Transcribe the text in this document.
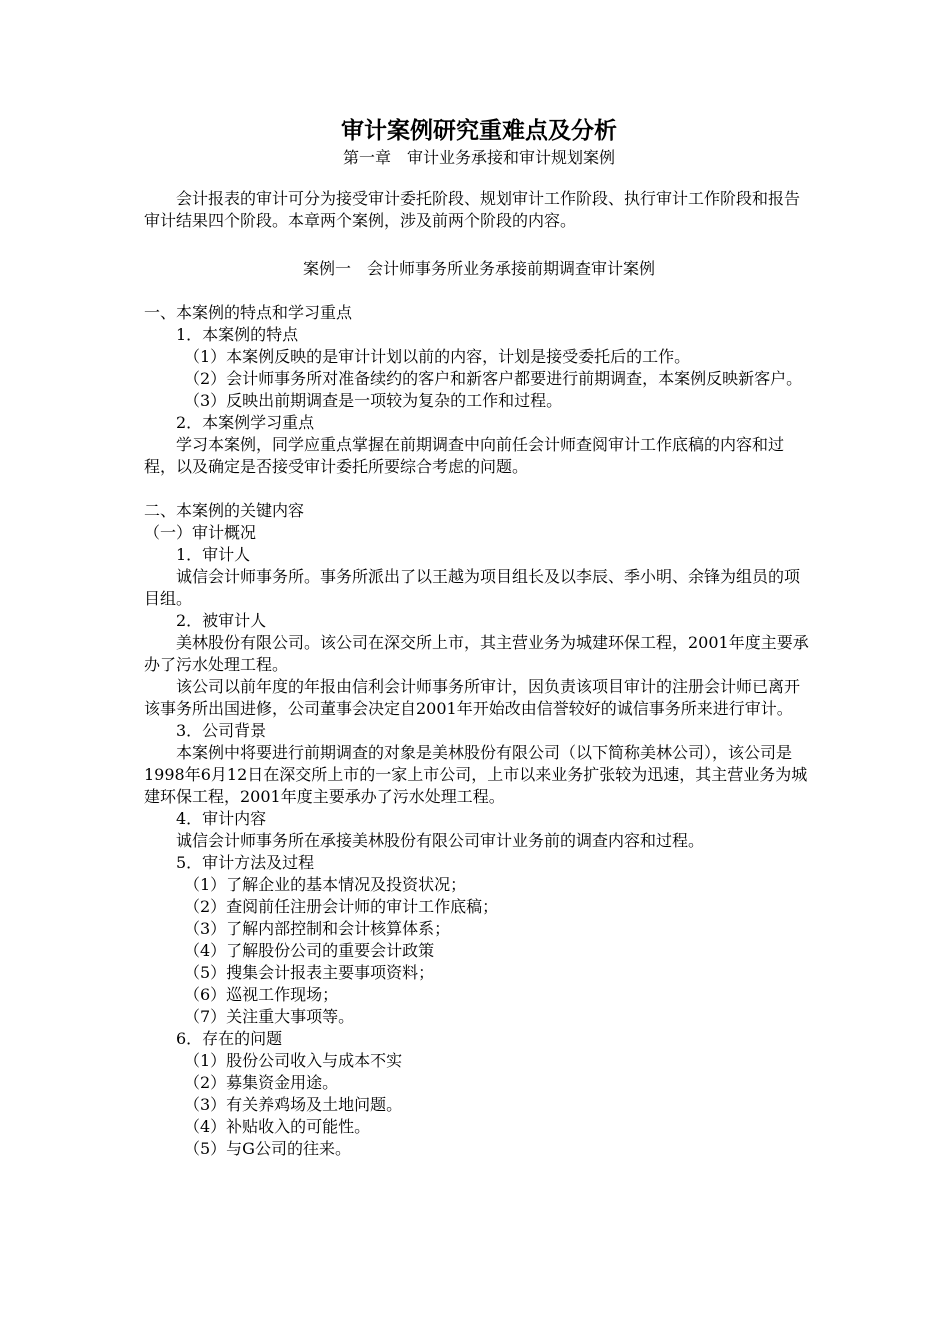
审计案例研究重难点及分析

第一章　审计业务承接和审计规划案例

会计报表的审计可分为接受审计委托阶段、规划审计工作阶段、执行审计工作阶段和报告审计结果四个阶段。本章两个案例，涉及前两个阶段的内容。

案例一　会计师事务所业务承接前期调查审计案例

一、本案例的特点和学习重点

1．本案例的特点

（1）本案例反映的是审计计划以前的内容，计划是接受委托后的工作。

（2）会计师事务所对准备续约的客户和新客户都要进行前期调查，本案例反映新客户。

（3）反映出前期调查是一项较为复杂的工作和过程。

2．本案例学习重点

学习本案例，同学应重点掌握在前期调查中向前任会计师查阅审计工作底稿的内容和过程，以及确定是否接受审计委托所要综合考虑的问题。

二、本案例的关键内容

（一）审计概况

1．审计人

诚信会计师事务所。事务所派出了以王越为项目组长及以李辰、季小明、余锋为组员的项目组。

2．被审计人

美林股份有限公司。该公司在深交所上市，其主营业务为城建环保工程，2001年度主要承办了污水处理工程。

该公司以前年度的年报由信利会计师事务所审计，因负责该项目审计的注册会计师已离开该事务所出国进修，公司董事会决定自2001年开始改由信誉较好的诚信事务所来进行审计。

3．公司背景

本案例中将要进行前期调查的对象是美林股份有限公司（以下简称美林公司），该公司是1998年6月12日在深交所上市的一家上市公司，上市以来业务扩张较为迅速，其主营业务为城建环保工程，2001年度主要承办了污水处理工程。

4．审计内容

诚信会计师事务所在承接美林股份有限公司审计业务前的调查内容和过程。

5．审计方法及过程

（1）了解企业的基本情况及投资状况；

（2）查阅前任注册会计师的审计工作底稿；

（3）了解内部控制和会计核算体系；

（4）了解股份公司的重要会计政策

（5）搜集会计报表主要事项资料；

（6）巡视工作现场；

（7）关注重大事项等。

6．存在的问题

（1）股份公司收入与成本不实

（2）募集资金用途。

（3）有关养鸡场及土地问题。

（4）补贴收入的可能性。

（5）与G公司的往来。
